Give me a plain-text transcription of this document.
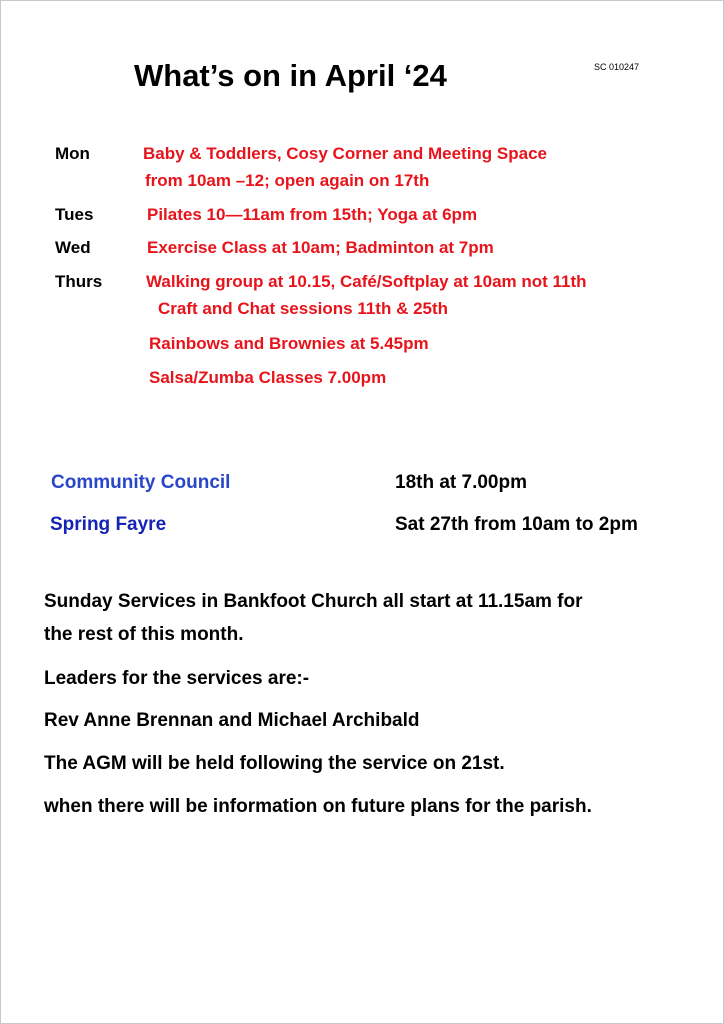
What’s on in April ‘24	SC 010247
Mon	Baby & Toddlers, Cosy Corner and Meeting Space
from 10am –12; open again on 17th
Tues	Pilates 10—11am from 15th; Yoga at 6pm
Wed	Exercise Class at 10am; Badminton at 7pm
Thurs	Walking group at 10.15, Café/Softplay at 10am not 11th
Craft and Chat sessions 11th & 25th
Rainbows and Brownies at 5.45pm
Salsa/Zumba Classes 7.00pm
Community Council	18th at 7.00pm
Spring Fayre	Sat 27th from 10am to 2pm
Sunday Services in Bankfoot Church all start at 11.15am for
the rest of this month.
Leaders for the services are:-
Rev Anne Brennan and Michael Archibald
The AGM will be held following the service on 21st.
when there will be information on future plans for the parish.
